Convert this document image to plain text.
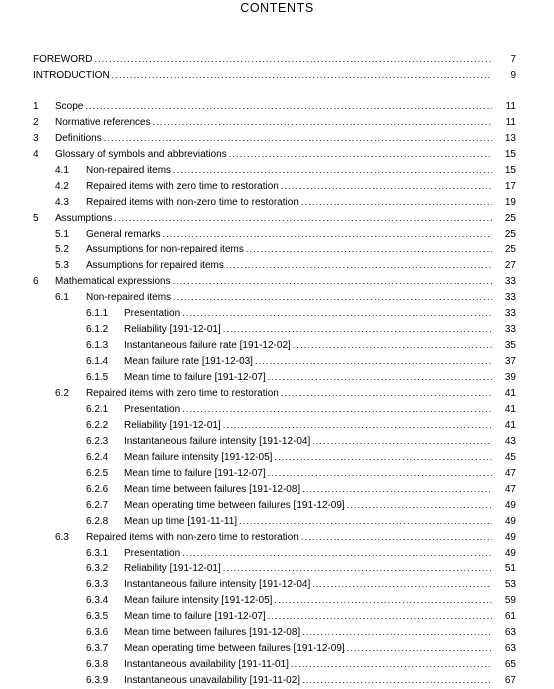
CONTENTS
FOREWORD .....	7
INTRODUCTION .....	9
1 Scope .....	11
2 Normative references .....	11
3 Definitions .....	13
4 Glossary of symbols and abbreviations .....	15
4.1 Non-repaired items .....	15
4.2 Repaired items with zero time to restoration .....	17
4.3 Repaired items with non-zero time to restoration .....	19
5 Assumptions .....	25
5.1 General remarks .....	25
5.2 Assumptions for non-repaired items .....	25
5.3 Assumptions for repaired items .....	27
6 Mathematical expressions .....	33
6.1 Non-repaired items .....	33
6.1.1 Presentation .....	33
6.1.2 Reliability [191-12-01] .....	33
6.1.3 Instantaneous failure rate [191-12-02] .....	35
6.1.4 Mean failure rate [191-12-03] .....	37
6.1.5 Mean time to failure [191-12-07] .....	39
6.2 Repaired items with zero time to restoration .....	41
6.2.1 Presentation .....	41
6.2.2 Reliability [191-12-01] .....	41
6.2.3 Instantaneous failure intensity [191-12-04] .....	43
6.2.4 Mean failure intensity [191-12-05] .....	45
6.2.5 Mean time to failure [191-12-07] .....	47
6.2.6 Mean time between failures [191-12-08] .....	47
6.2.7 Mean operating time between failures [191-12-09] .....	49
6.2.8 Mean up time [191-11-11] .....	49
6.3 Repaired items with non-zero time to restoration .....	49
6.3.1 Presentation .....	49
6.3.2 Reliability [191-12-01] .....	51
6.3.3 Instantaneous failure intensity [191-12-04] .....	53
6.3.4 Mean failure intensity [191-12-05] .....	59
6.3.5 Mean time to failure [191-12-07] .....	61
6.3.6 Mean time between failures [191-12-08] .....	63
6.3.7 Mean operating time between failures [191-12-09] .....	63
6.3.8 Instantaneous availability [191-11-01] .....	65
6.3.9 Instantaneous unavailability [191-11-02] .....	67
